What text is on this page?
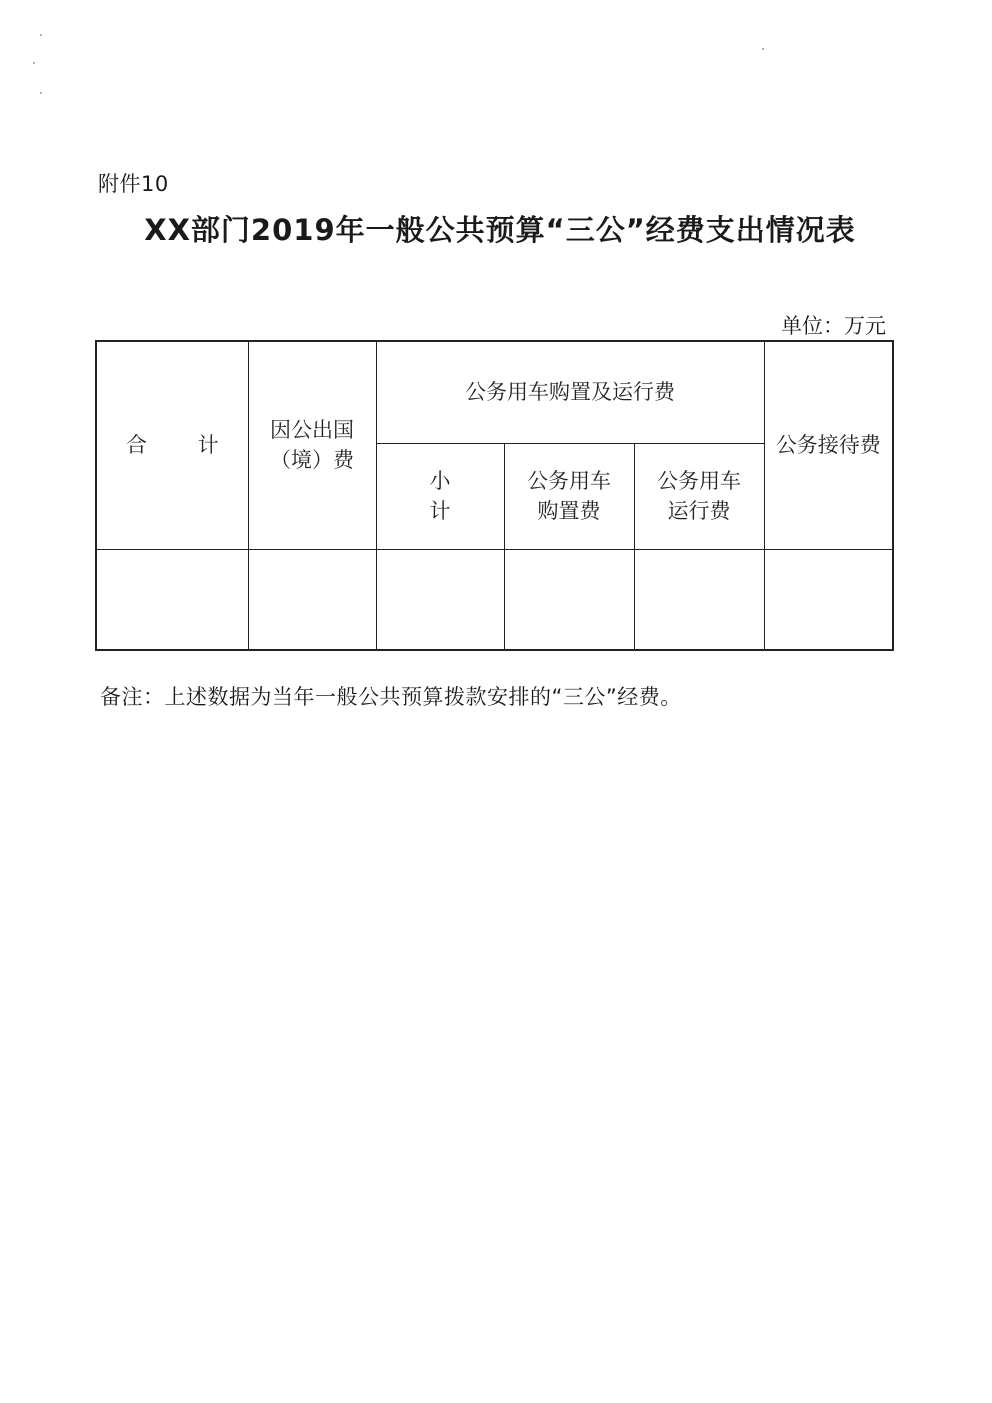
附件10
XX部门2019年一般公共预算“三公”经费支出情况表
单位：万元
合 计	因公出国（境）费	公务用车购置及运行费			公务接待费
		小 计	公务用车购置费	公务用车运行费	

备注：上述数据为当年一般公共预算拨款安排的“三公”经费。
